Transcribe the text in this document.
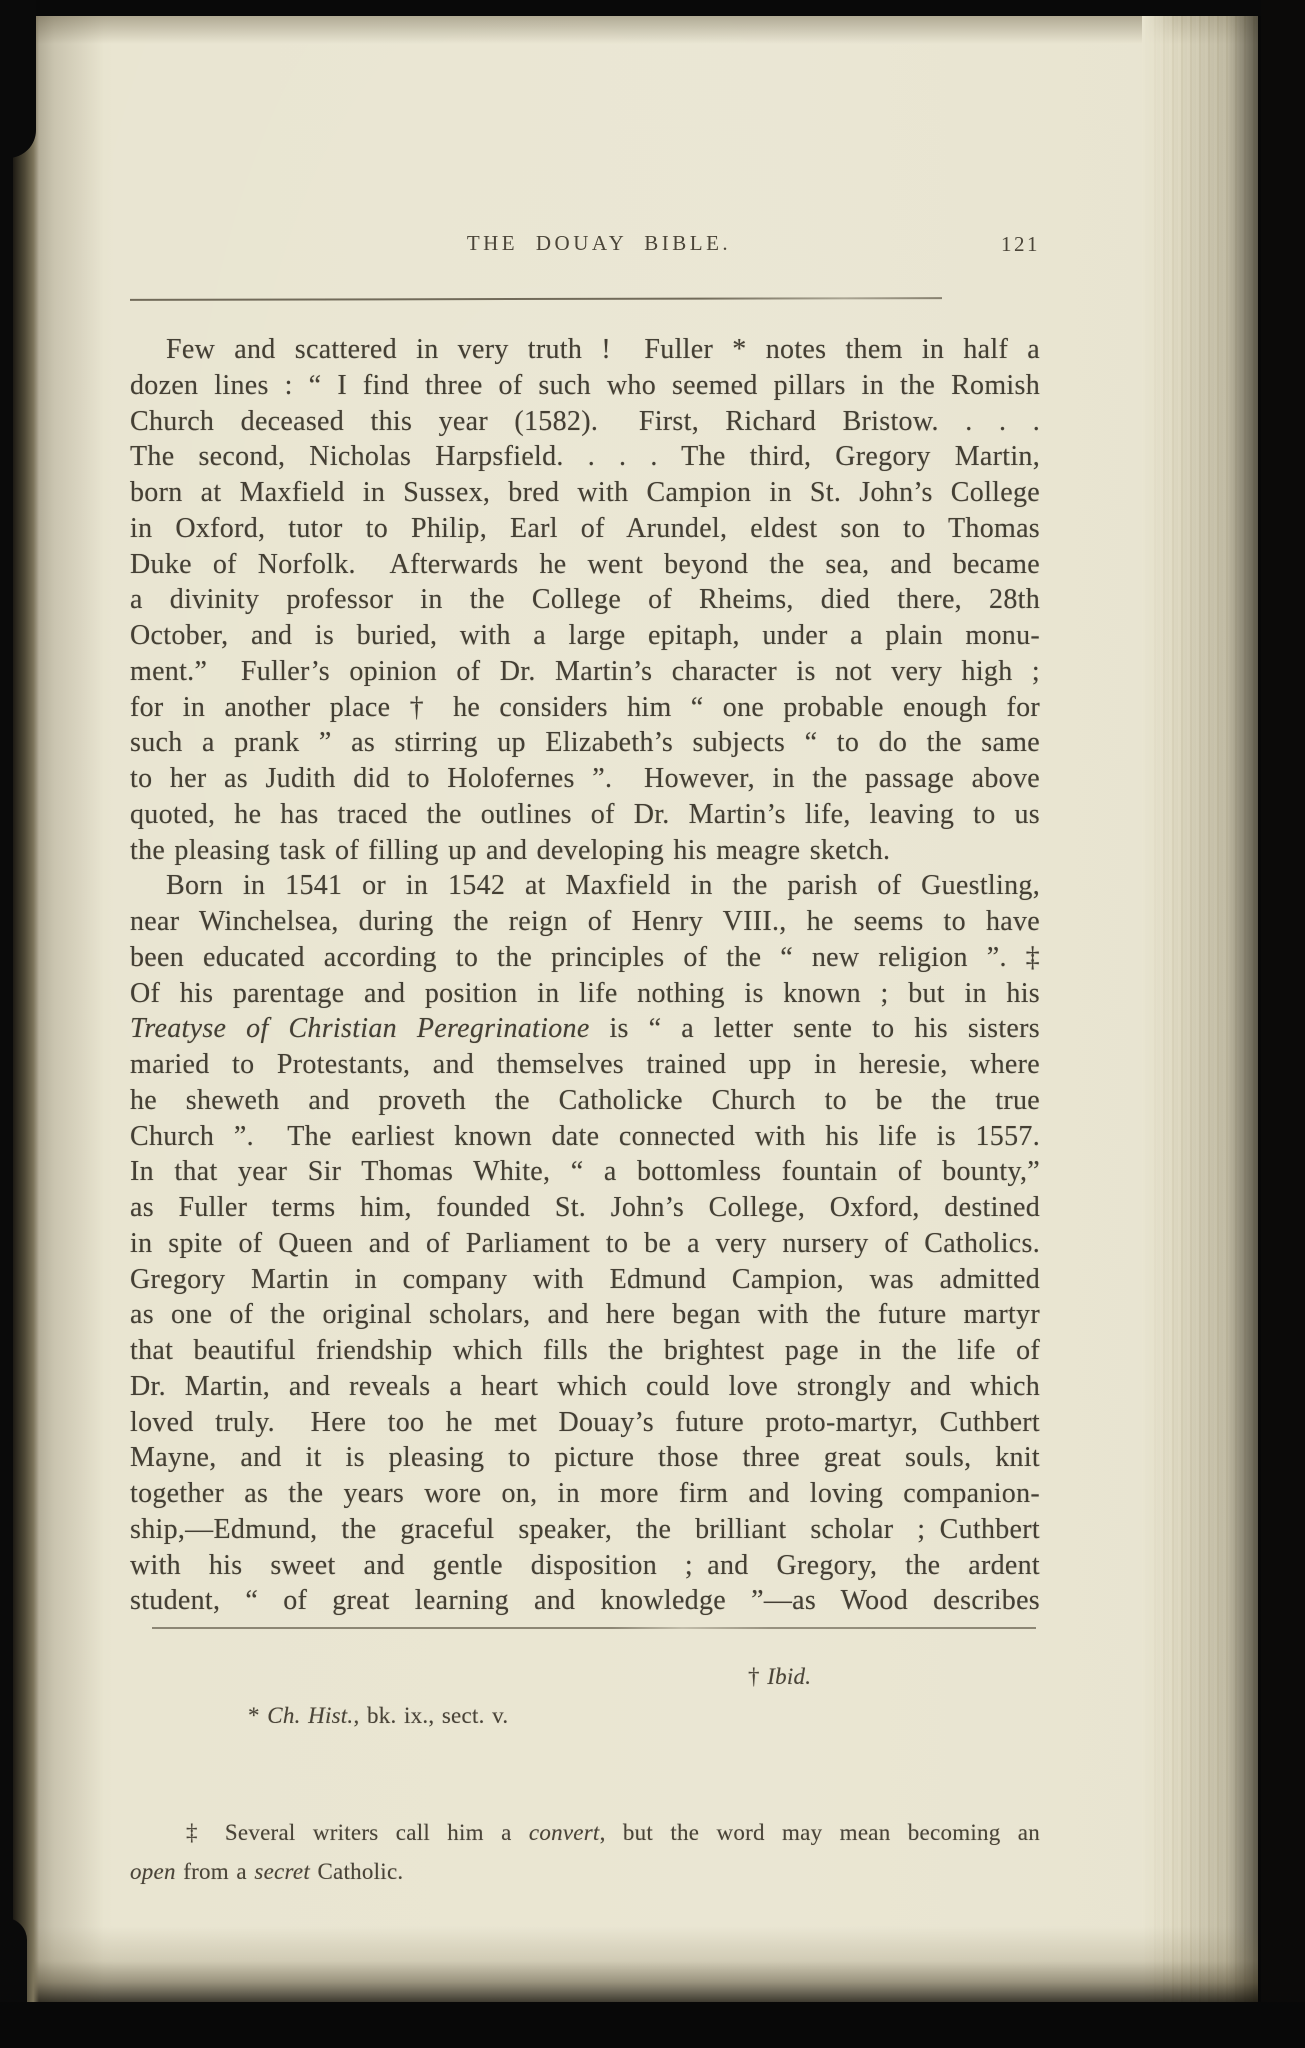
THE DOUAY BIBLE.	121
Few and scattered in very truth !  Fuller * notes them in half a
dozen lines : “ I find three of such who seemed pillars in the Romish
Church deceased this year (1582).  First, Richard Bristow. . . .
The second, Nicholas Harpsfield. . . . The third, Gregory Martin,
born at Maxfield in Sussex, bred with Campion in St. John’s College
in Oxford, tutor to Philip, Earl of Arundel, eldest son to Thomas
Duke of Norfolk.  Afterwards he went beyond the sea, and became
a divinity professor in the College of Rheims, died there, 28th
October, and is buried, with a large epitaph, under a plain monu-
ment.”  Fuller’s opinion of Dr. Martin’s character is not very high ;
for in another place † he considers him “ one probable enough for
such a prank ” as stirring up Elizabeth’s subjects “ to do the same
to her as Judith did to Holofernes ”.  However, in the passage above
quoted, he has traced the outlines of Dr. Martin’s life, leaving to us
the pleasing task of filling up and developing his meagre sketch.
Born in 1541 or in 1542 at Maxfield in the parish of Guestling,
near Winchelsea, during the reign of Henry VIII., he seems to have
been educated according to the principles of the “ new religion ”. ‡
Of his parentage and position in life nothing is known ; but in his
Treatyse of Christian Peregrinatione is “ a letter sente to his sisters
maried to Protestants, and themselves trained upp in heresie, where
he sheweth and proveth the Catholicke Church to be the true
Church ”.  The earliest known date connected with his life is 1557.
In that year Sir Thomas White, “ a bottomless fountain of bounty,”
as Fuller terms him, founded St. John’s College, Oxford, destined
in spite of Queen and of Parliament to be a very nursery of Catholics.
Gregory Martin in company with Edmund Campion, was admitted
as one of the original scholars, and here began with the future martyr
that beautiful friendship which fills the brightest page in the life of
Dr. Martin, and reveals a heart which could love strongly and which
loved truly.  Here too he met Douay’s future proto-martyr, Cuthbert
Mayne, and it is pleasing to picture those three great souls, knit
together as the years wore on, in more firm and loving companion-
ship,—Edmund, the graceful speaker, the brilliant scholar ; Cuthbert
with his sweet and gentle disposition ; and Gregory, the ardent
student, “ of great learning and knowledge ”—as Wood describes

* Ch. Hist., bk. ix., sect. v.

† Ibid.

‡ Several writers call him a convert, but the word may mean becoming an
open from a secret Catholic.
